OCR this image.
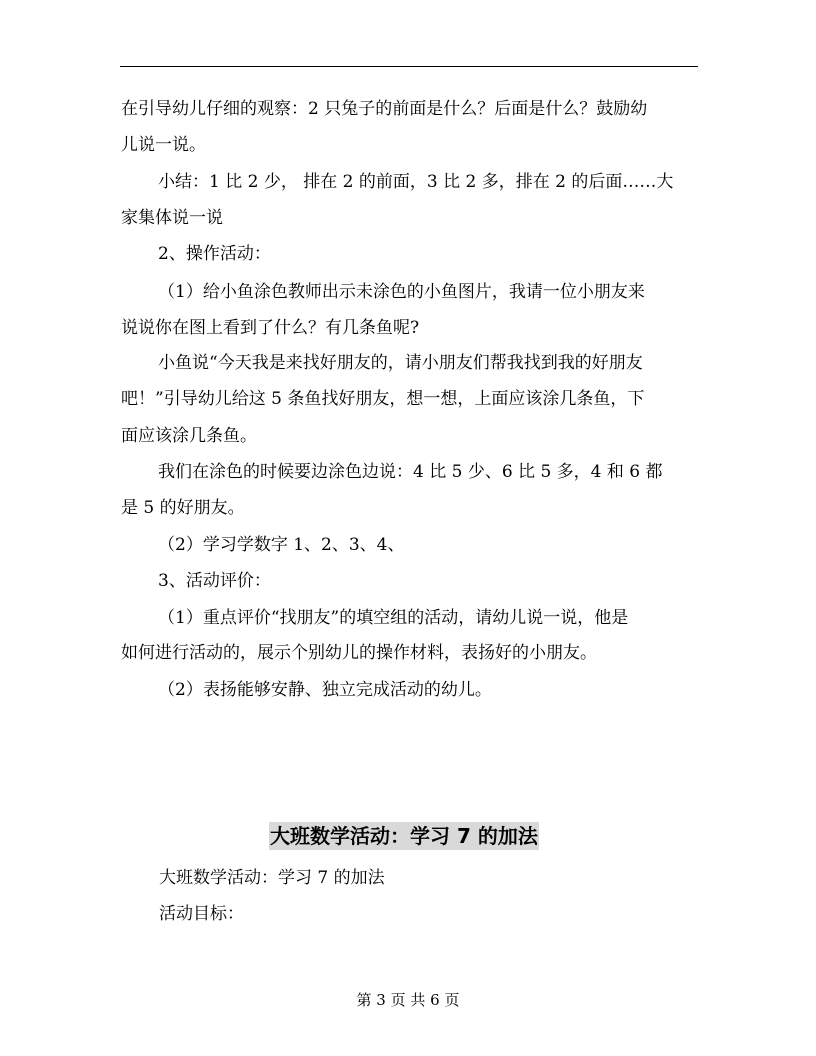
在引导幼儿仔细的观察：2 只兔子的前面是什么？后面是什么？鼓励幼
儿说一说。
小结：1 比 2 少， 排在 2 的前面，3 比 2 多，排在 2 的后面……大
家集体说一说
2、操作活动：
（1）给小鱼涂色教师出示未涂色的小鱼图片，我请一位小朋友来
说说你在图上看到了什么？有几条鱼呢?
小鱼说“今天我是来找好朋友的，请小朋友们帮我找到我的好朋友
吧！”引导幼儿给这 5 条鱼找好朋友，想一想，上面应该涂几条鱼，下
面应该涂几条鱼。
我们在涂色的时候要边涂色边说：4 比 5 少、6 比 5 多，4 和 6 都
是 5 的好朋友。
（2）学习学数字 1、2、3、4、
3、活动评价：
（1）重点评价“找朋友”的填空组的活动，请幼儿说一说，他是
如何进行活动的，展示个别幼儿的操作材料，表扬好的小朋友。
（2）表扬能够安静、独立完成活动的幼儿。
大班数学活动：学习 7 的加法
大班数学活动：学习 7 的加法
活动目标：
第 3 页 共 6 页
